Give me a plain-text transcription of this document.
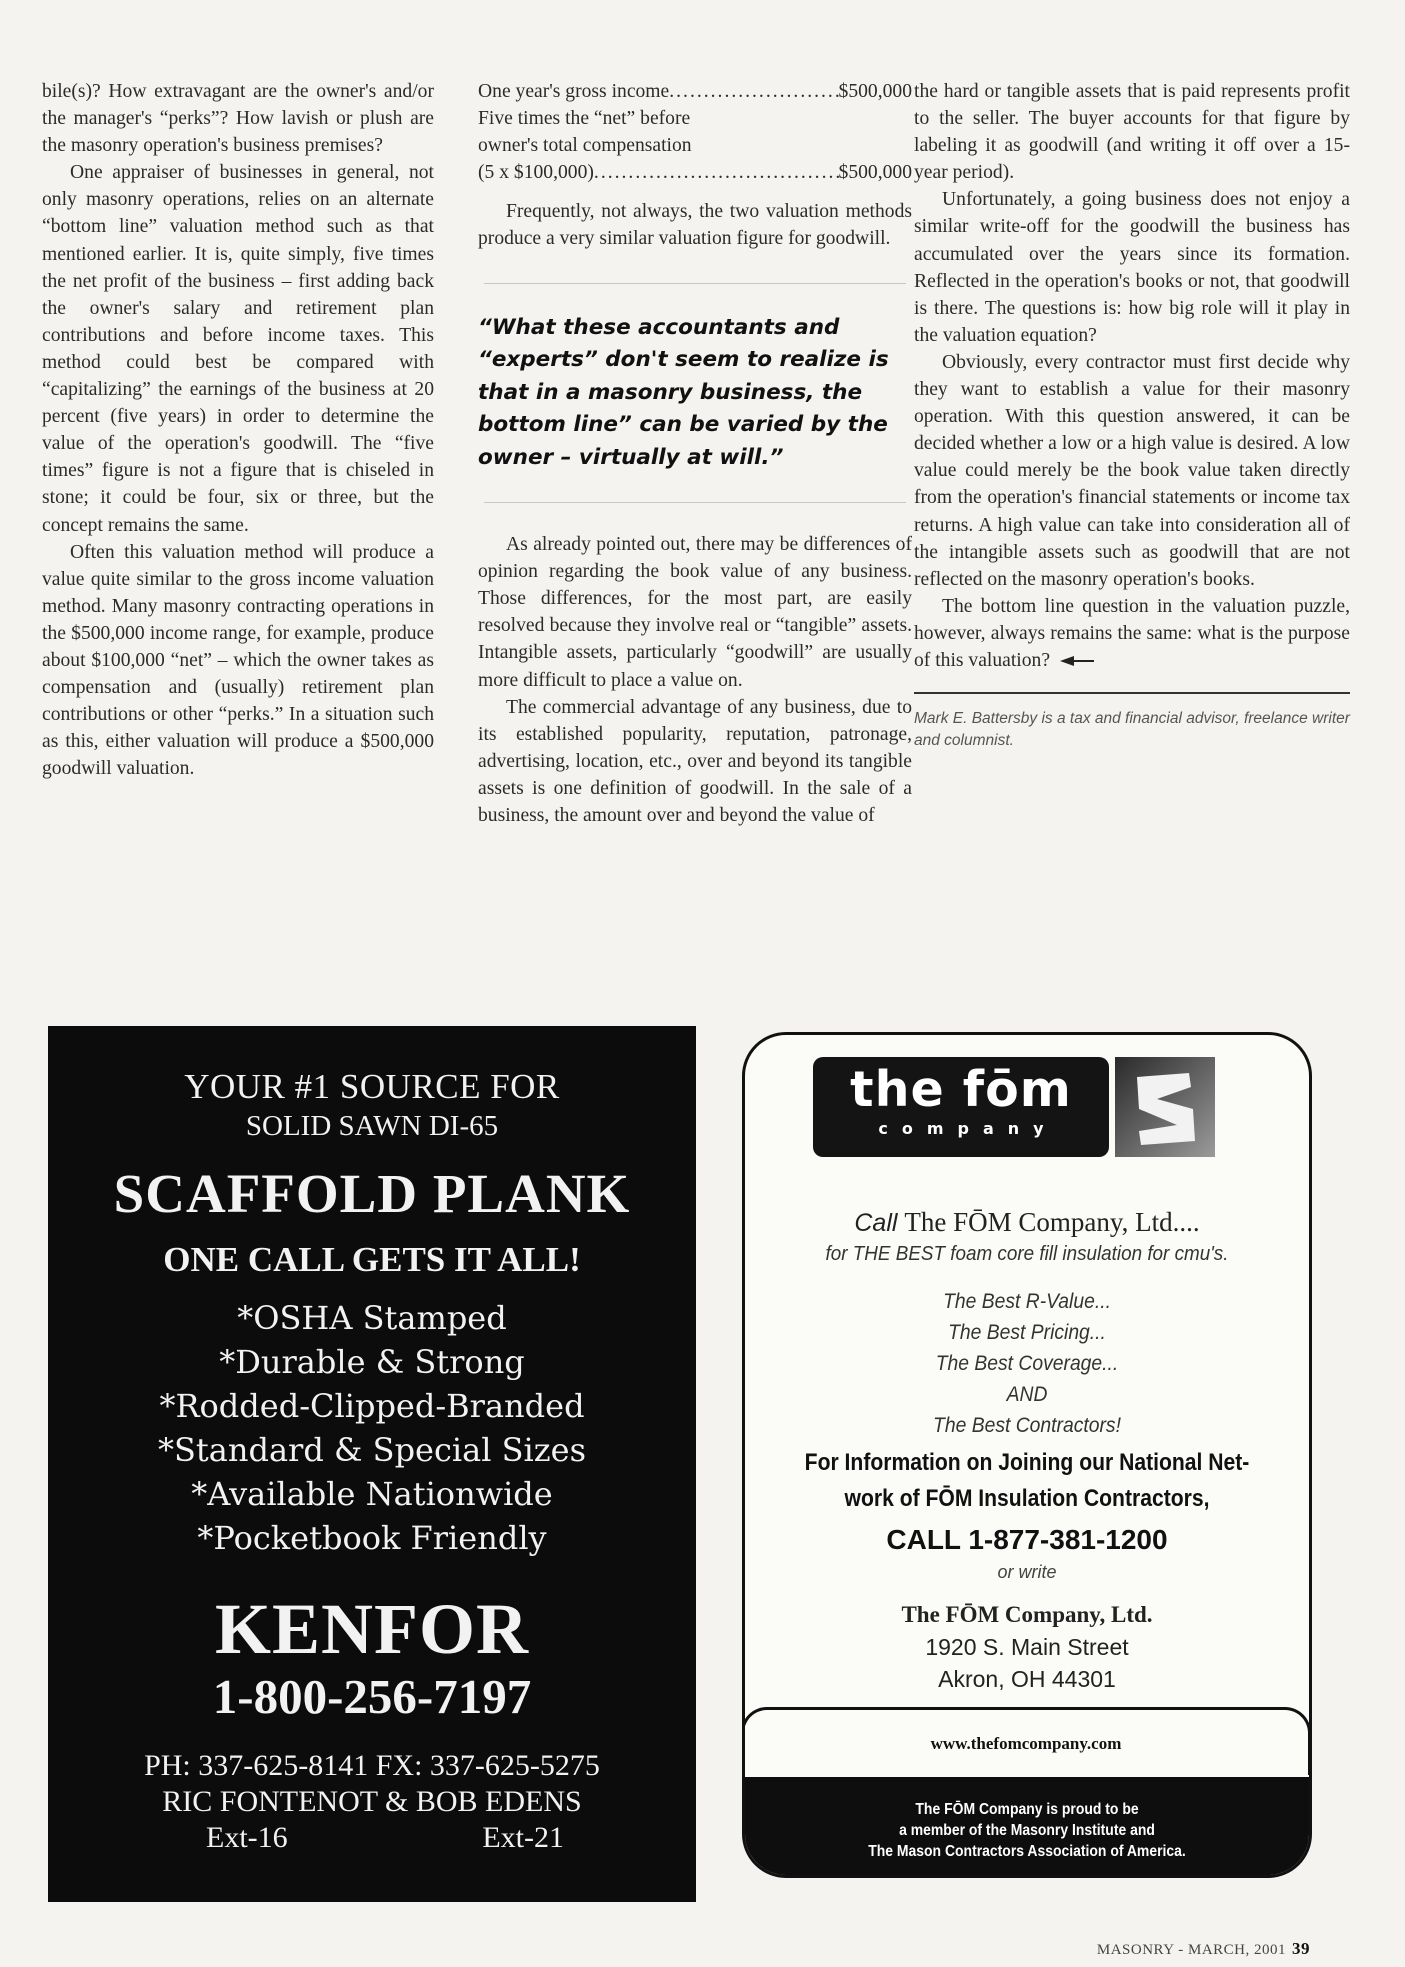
bile(s)? How extravagant are the owner's and/or the manager's “perks”? How lavish or plush are the masonry operation's business premises?

One appraiser of businesses in general, not only masonry operations, relies on an alternate “bottom line” valuation method such as that mentioned earlier. It is, quite simply, five times the net profit of the business – first adding back the owner's salary and retirement plan contributions and before income taxes. This method could best be compared with “capitalizing” the earnings of the business at 20 percent (five years) in order to determine the value of the operation's goodwill. The “five times” figure is not a figure that is chiseled in stone; it could be four, six or three, but the concept remains the same.

Often this valuation method will produce a value quite similar to the gross income valuation method. Many masonry contracting operations in the $500,000 income range, for example, produce about $100,000 “net” – which the owner takes as compensation and (usually) retirement plan contributions or other “perks.” In a situation such as this, either valuation will produce a $500,000 goodwill valuation.

One year's gross income .....	$500,000
Five times the “net” before
owner's total compensation
(5 x $100,000) .....	$500,000

Frequently, not always, the two valuation methods produce a very similar valuation figure for goodwill.

“What these accountants and “experts” don't seem to realize is that in a masonry business, the bottom line” can be varied by the owner – virtually at will.”

As already pointed out, there may be differences of opinion regarding the book value of any business. Those differences, for the most part, are easily resolved because they involve real or “tangible” assets. Intangible assets, particularly “goodwill” are usually more difficult to place a value on.

The commercial advantage of any business, due to its established popularity, reputation, patronage, advertising, location, etc., over and beyond its tangible assets is one definition of goodwill. In the sale of a business, the amount over and beyond the value of

the hard or tangible assets that is paid represents profit to the seller. The buyer accounts for that figure by labeling it as goodwill (and writing it off over a 15-year period).

Unfortunately, a going business does not enjoy a similar write-off for the goodwill the business has accumulated over the years since its formation. Reflected in the operation's books or not, that goodwill is there. The questions is: how big role will it play in the valuation equation?

Obviously, every contractor must first decide why they want to establish a value for their masonry operation. With this question answered, it can be decided whether a low or a high value is desired. A low value could merely be the book value taken directly from the operation's financial statements or income tax returns. A high value can take into consideration all of the intangible assets such as goodwill that are not reflected on the masonry operation's books.

The bottom line question in the valuation puzzle, however, always remains the same: what is the purpose of this valuation?

Mark E. Battersby is a tax and financial advisor, freelance writer and columnist.
YOUR #1 SOURCE FOR
SOLID SAWN DI-65
SCAFFOLD PLANK
ONE CALL GETS IT ALL!
*OSHA Stamped
*Durable & Strong
*Rodded-Clipped-Branded
*Standard & Special Sizes
*Available Nationwide
*Pocketbook Friendly
KENFOR
1-800-256-7197
PH: 337-625-8141 FX: 337-625-5275
RIC FONTENOT & BOB EDENS
Ext-16	Ext-21
the fōm
company
Call The FŌM Company, Ltd....
for THE BEST foam core fill insulation for cmu's.
The Best R-Value...
The Best Pricing...
The Best Coverage...
AND
The Best Contractors!
For Information on Joining our National Net-
work of FŌM Insulation Contractors,
CALL 1-877-381-1200
or write
The FŌM Company, Ltd.
1920 S. Main Street
Akron, OH 44301
www.thefomcompany.com
The FŌM Company is proud to be
a member of the Masonry Institute and
The Mason Contractors Association of America.
MASONRY - MARCH, 2001 39
